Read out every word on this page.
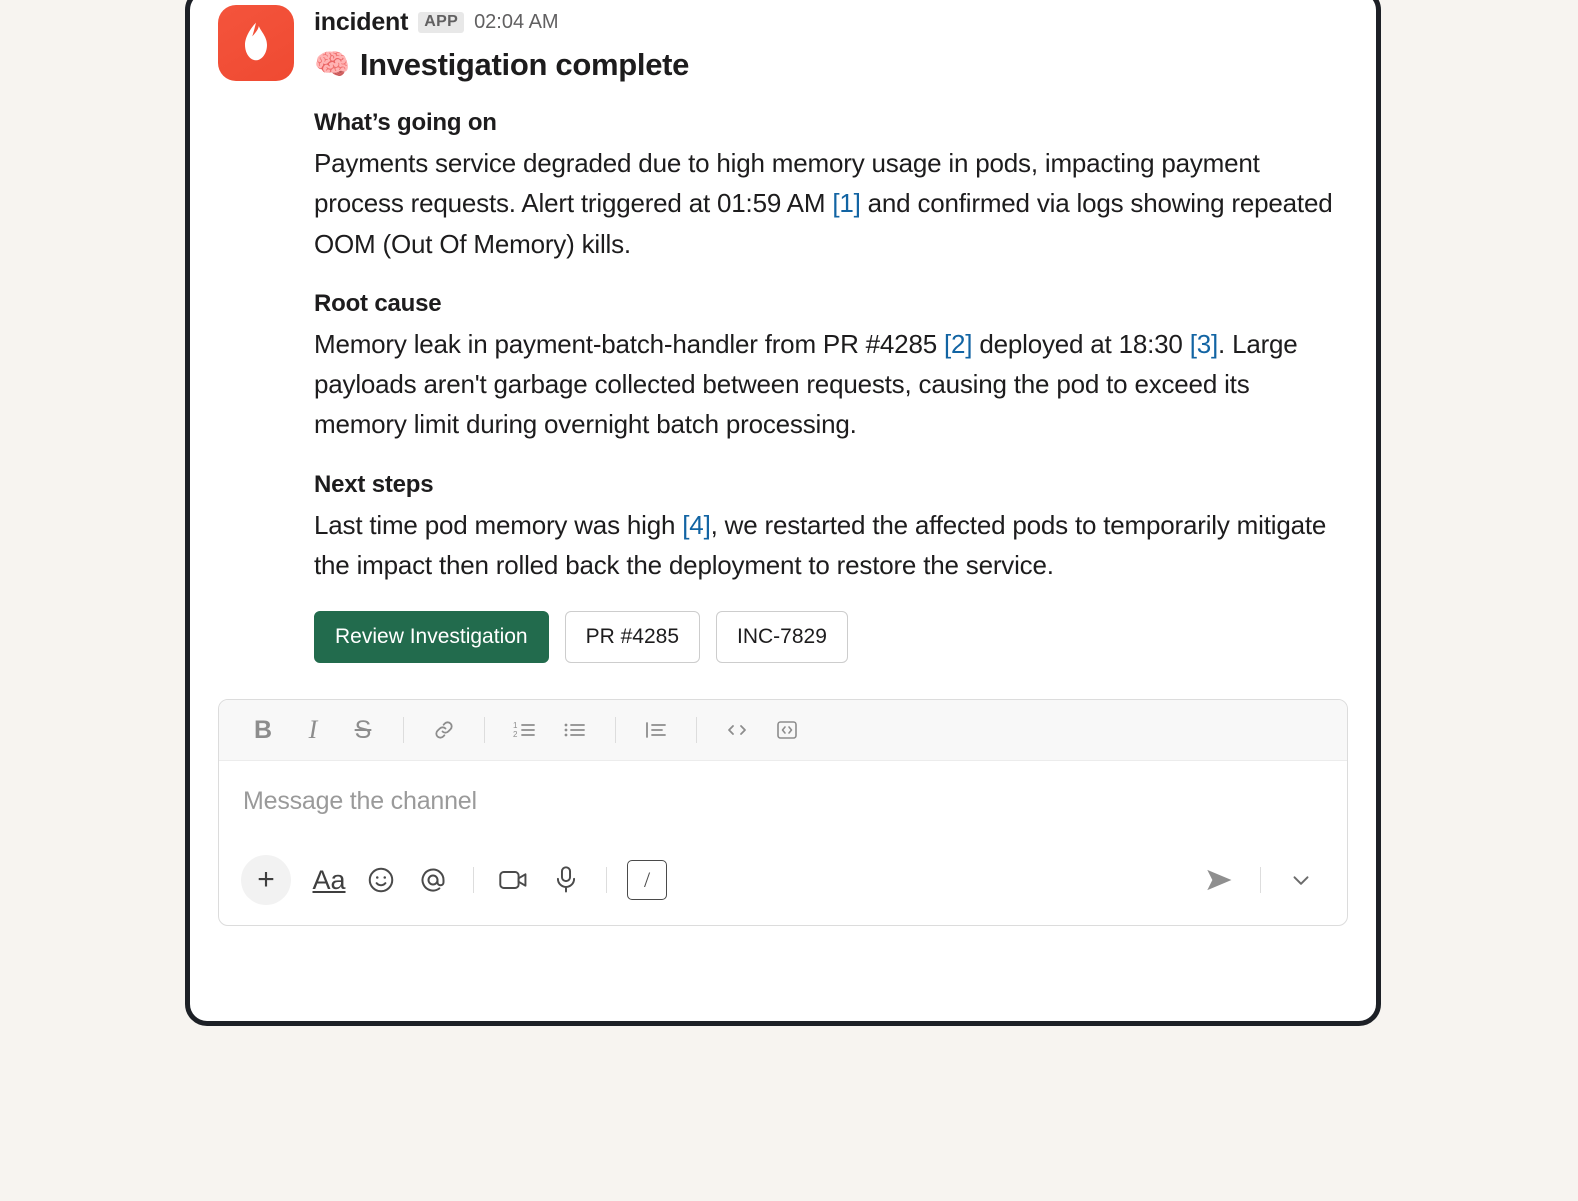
incident	APP 02:04 AM
🧠 Investigation complete
What’s going on
Payments service degraded due to high memory usage in pods, impacting payment process requests. Alert triggered at 01:59 AM [1] and confirmed via logs showing repeated OOM (Out Of Memory) kills.
Root cause
Memory leak in payment-batch-handler from PR #4285 [2] deployed at 18:30 [3]. Large payloads aren't garbage collected between requests, causing the pod to exceed its memory limit during overnight batch processing.
Next steps
Last time pod memory was high [4], we restarted the affected pods to temporarily mitigate the impact then rolled back the deployment to restore the service.
Review Investigation	PR #4285	INC-7829
B	I	S	1
2
Message the channel
+	Aa	/
